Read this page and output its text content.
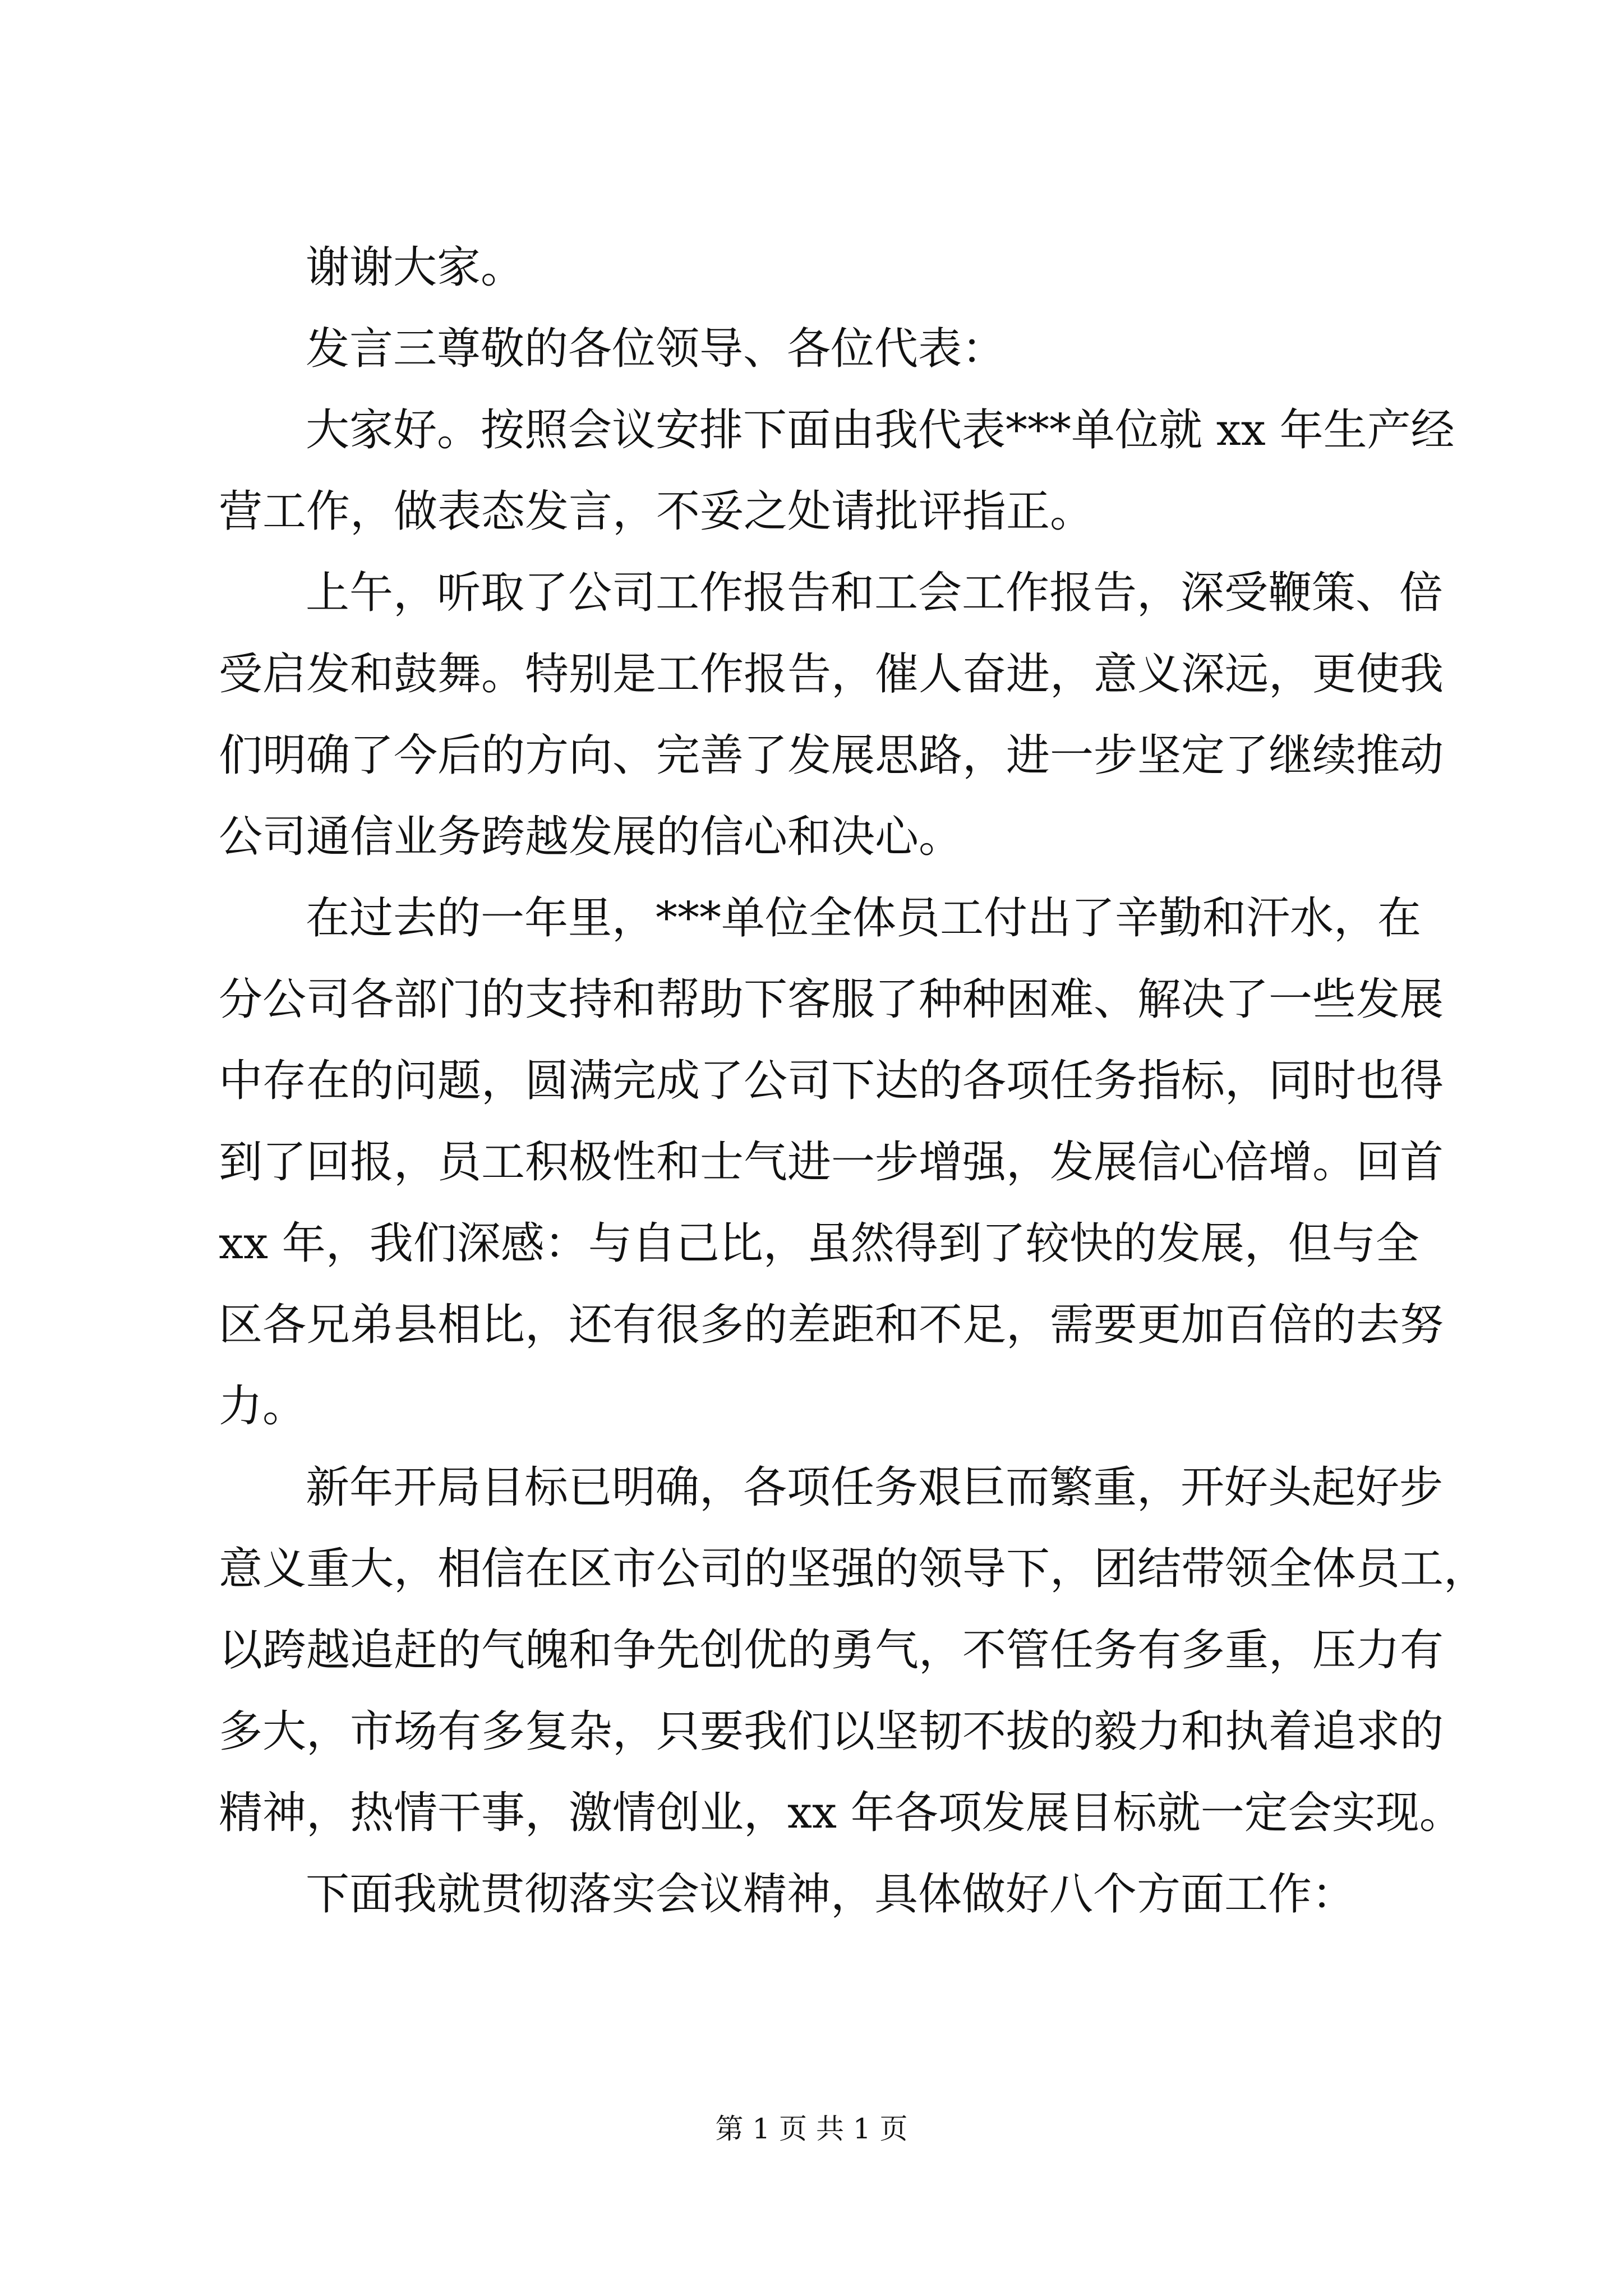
谢谢大家。

发言三尊敬的各位领导、各位代表：

大家好。按照会议安排下面由我代表***单位就 xx 年生产经
营工作，做表态发言，不妥之处请批评指正。

上午，听取了公司工作报告和工会工作报告，深受鞭策、倍
受启发和鼓舞。特别是工作报告，催人奋进，意义深远，更使我
们明确了今后的方向、完善了发展思路，进一步坚定了继续推动
公司通信业务跨越发展的信心和决心。

在过去的一年里，***单位全体员工付出了辛勤和汗水，在
分公司各部门的支持和帮助下客服了种种困难、解决了一些发展
中存在的问题，圆满完成了公司下达的各项任务指标，同时也得
到了回报，员工积极性和士气进一步增强，发展信心倍增。回首
xx 年，我们深感：与自己比，虽然得到了较快的发展，但与全
区各兄弟县相比，还有很多的差距和不足，需要更加百倍的去努
力。

新年开局目标已明确，各项任务艰巨而繁重，开好头起好步
意义重大，相信在区市公司的坚强的领导下，团结带领全体员工，
以跨越追赶的气魄和争先创优的勇气，不管任务有多重，压力有
多大，市场有多复杂，只要我们以坚韧不拔的毅力和执着追求的
精神，热情干事，激情创业，xx 年各项发展目标就一定会实现。

下面我就贯彻落实会议精神，具体做好八个方面工作：

第 1 页 共 1 页
